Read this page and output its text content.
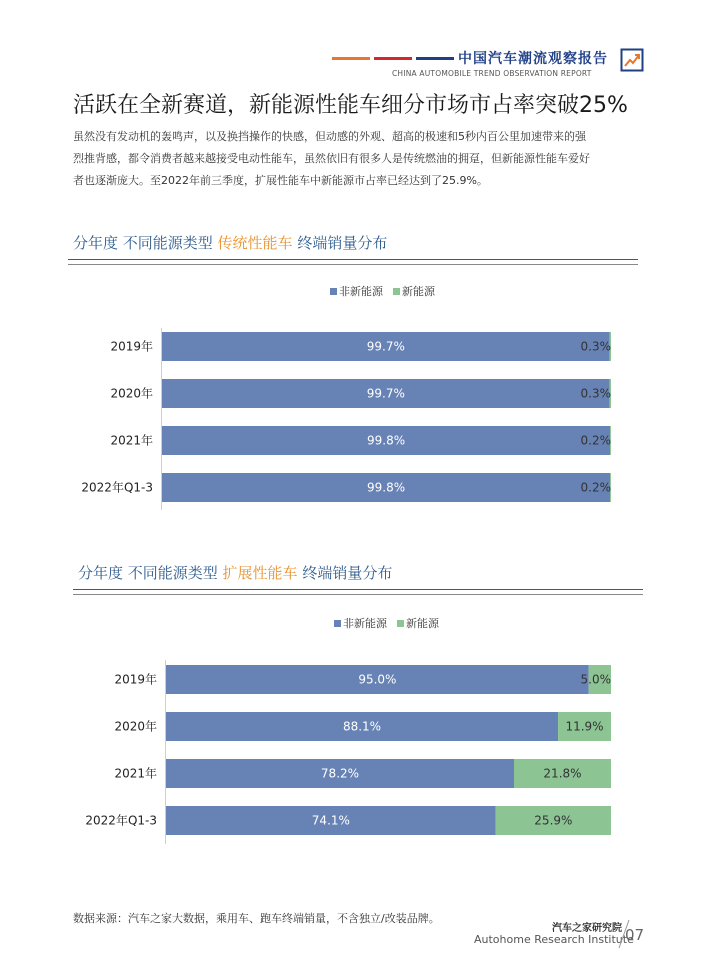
中国汽车潮流观察报告
CHINA AUTOMOBILE TREND OBSERVATION REPORT
活跃在全新赛道，新能源性能车细分市场市占率突破25%
虽然没有发动机的轰鸣声，以及换挡操作的快感，但动感的外观、超高的极速和5秒内百公里加速带来的强
烈推背感，都令消费者越来越接受电动性能车，虽然依旧有很多人是传统燃油的拥趸，但新能源性能车爱好
者也逐渐庞大。至2022年前三季度，扩展性能车中新能源市占率已经达到了25.9%。
分年度 不同能源类型 传统性能车 终端销量分布
非新能源 新能源
99.7%	0.3%
2019年
99.7%	0.3%
2020年
99.8%	0.2%
2021年
99.8%	0.2%
2022年Q1-3
分年度 不同能源类型 扩展性能车 终端销量分布
非新能源 新能源
95.0%	5.0%
2019年
88.1%	11.9%
2020年
78.2%	21.8%
2021年
74.1%	25.9%
2022年Q1-3
数据来源：汽车之家大数据，乘用车、跑车终端销量，不含独立/改装品牌。
汽车之家研究院
Autohome Research Institute
07
